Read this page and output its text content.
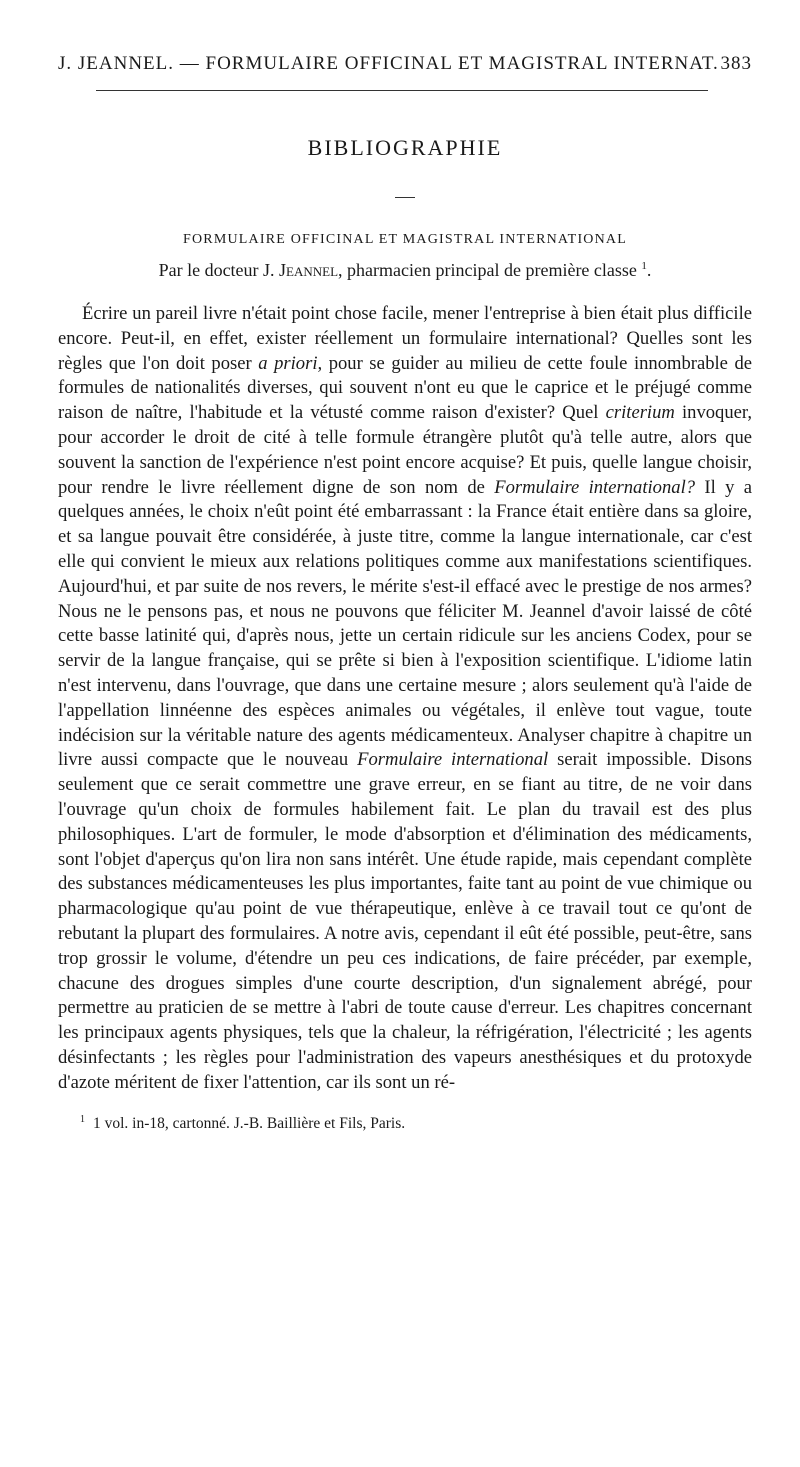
J. JEANNEL. — FORMULAIRE OFFICINAL ET MAGISTRAL INTERNAT. 383
BIBLIOGRAPHIE
FORMULAIRE OFFICINAL ET MAGISTRAL INTERNATIONAL
Par le docteur J. Jeannel, pharmacien principal de première classe $^1$.

Écrire un pareil livre n'était point chose facile, mener l'entreprise à bien était plus difficile encore. Peut-il, en effet, exister réellement un formulaire international? Quelles sont les règles que l'on doit poser a priori, pour se guider au milieu de cette foule innombrable de formules de nationalités diverses, qui souvent n'ont eu que le caprice et le préjugé comme raison de naître, l'habitude et la vétusté comme raison d'exister? Quel criterium invoquer, pour accorder le droit de cité à telle formule étrangère plutôt qu'à telle autre, alors que souvent la sanction de l'expérience n'est point encore acquise? Et puis, quelle langue choisir, pour rendre le livre réellement digne de son nom de Formulaire international? Il y a quelques années, le choix n'eût point été embarrassant : la France était entière dans sa gloire, et sa langue pouvait être considérée, à juste titre, comme la langue internationale, car c'est elle qui convient le mieux aux relations politiques comme aux manifestations scientifiques. Aujourd'hui, et par suite de nos revers, le mérite s'est-il effacé avec le prestige de nos armes? Nous ne le pensons pas, et nous ne pouvons que féliciter M. Jeannel d'avoir laissé de côté cette basse latinité qui, d'après nous, jette un certain ridicule sur les anciens Codex, pour se servir de la langue française, qui se prête si bien à l'exposition scientifique. L'idiome latin n'est intervenu, dans l'ouvrage, que dans une certaine mesure ; alors seulement qu'à l'aide de l'appellation linnéenne des espèces animales ou végétales, il enlève tout vague, toute indécision sur la véritable nature des agents médicamenteux. Analyser chapitre à chapitre un livre aussi compacte que le nouveau Formulaire international serait impossible. Disons seulement que ce serait commettre une grave erreur, en se fiant au titre, de ne voir dans l'ouvrage qu'un choix de formules habilement fait. Le plan du travail est des plus philosophiques. L'art de formuler, le mode d'absorption et d'élimination des médicaments, sont l'objet d'aperçus qu'on lira non sans intérêt. Une étude rapide, mais cependant complète des substances médicamenteuses les plus importantes, faite tant au point de vue chimique ou pharmacologique qu'au point de vue thérapeutique, enlève à ce travail tout ce qu'ont de rebutant la plupart des formulaires. A notre avis, cependant il eût été possible, peut-être, sans trop grossir le volume, d'étendre un peu ces indications, de faire précéder, par exemple, chacune des drogues simples d'une courte description, d'un signalement abrégé, pour permettre au praticien de se mettre à l'abri de toute cause d'erreur. Les chapitres concernant les principaux agents physiques, tels que la chaleur, la réfrigération, l'électricité ; les agents désinfectants ; les règles pour l'administration des vapeurs anesthésiques et du protoxyde d'azote méritent de fixer l'attention, car ils sont un ré-

$^1$ 1 vol. in-18, cartonné. J.-B. Baillière et Fils, Paris.
